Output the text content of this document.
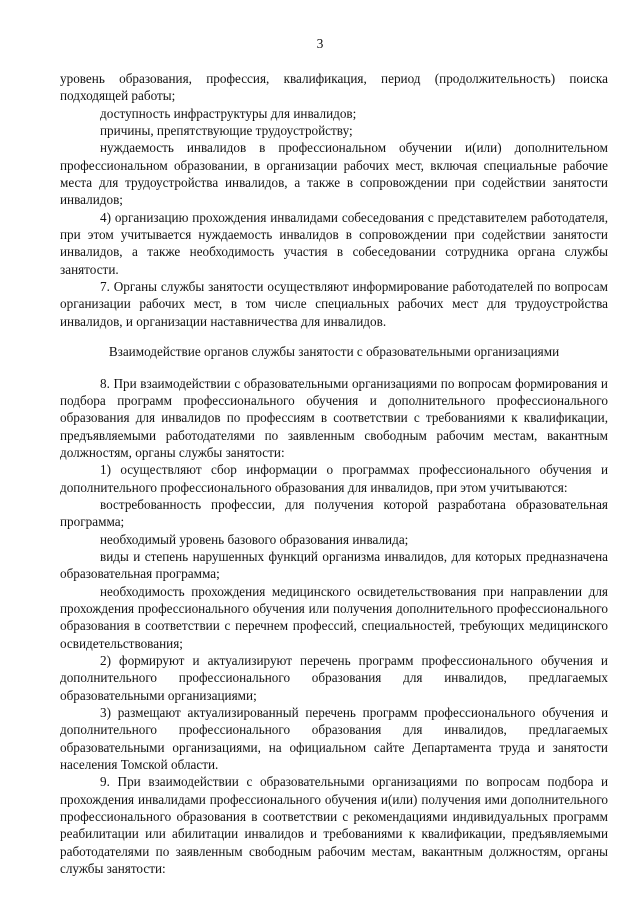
3

уровень образования, профессия, квалификация, период (продолжительность) поиска подходящей работы;

доступность инфраструктуры для инвалидов;

причины, препятствующие трудоустройству;

нуждаемость инвалидов в профессиональном обучении и(или) дополнительном профессиональном образовании, в организации рабочих мест, включая специальные рабочие места для трудоустройства инвалидов, а также в сопровождении при содействии занятости инвалидов;

4) организацию прохождения инвалидами собеседования с представителем работодателя, при этом учитывается нуждаемость инвалидов в сопровождении при содействии занятости инвалидов, а также необходимость участия в собеседовании сотрудника органа службы занятости.

7. Органы службы занятости осуществляют информирование работодателей по вопросам организации рабочих мест, в том числе специальных рабочих мест для трудоустройства инвалидов, и организации наставничества для инвалидов.

Взаимодействие органов службы занятости с образовательными организациями

8. При взаимодействии с образовательными организациями по вопросам формирования и подбора программ профессионального обучения и дополнительного профессионального образования для инвалидов по профессиям в соответствии с требованиями к квалификации, предъявляемыми работодателями по заявленным свободным рабочим местам, вакантным должностям, органы службы занятости:

1) осуществляют сбор информации о программах профессионального обучения и дополнительного профессионального образования для инвалидов, при этом учитываются:

востребованность профессии, для получения которой разработана образовательная программа;

необходимый уровень базового образования инвалида;

виды и степень нарушенных функций организма инвалидов, для которых предназначена образовательная программа;

необходимость прохождения медицинского освидетельствования при направлении для прохождения профессионального обучения или получения дополнительного профессионального образования в соответствии с перечнем профессий, специальностей, требующих медицинского освидетельствования;

2) формируют и актуализируют перечень программ профессионального обучения и дополнительного профессионального образования для инвалидов, предлагаемых образовательными организациями;

3) размещают актуализированный перечень программ профессионального обучения и дополнительного профессионального образования для инвалидов, предлагаемых образовательными организациями, на официальном сайте Департамента труда и занятости населения Томской области.

9. При взаимодействии с образовательными организациями по вопросам подбора и прохождения инвалидами профессионального обучения и(или) получения ими дополнительного профессионального образования в соответствии с рекомендациями индивидуальных программ реабилитации или абилитации инвалидов и требованиями к квалификации, предъявляемыми работодателями по заявленным свободным рабочим местам, вакантным должностям, органы службы занятости:
